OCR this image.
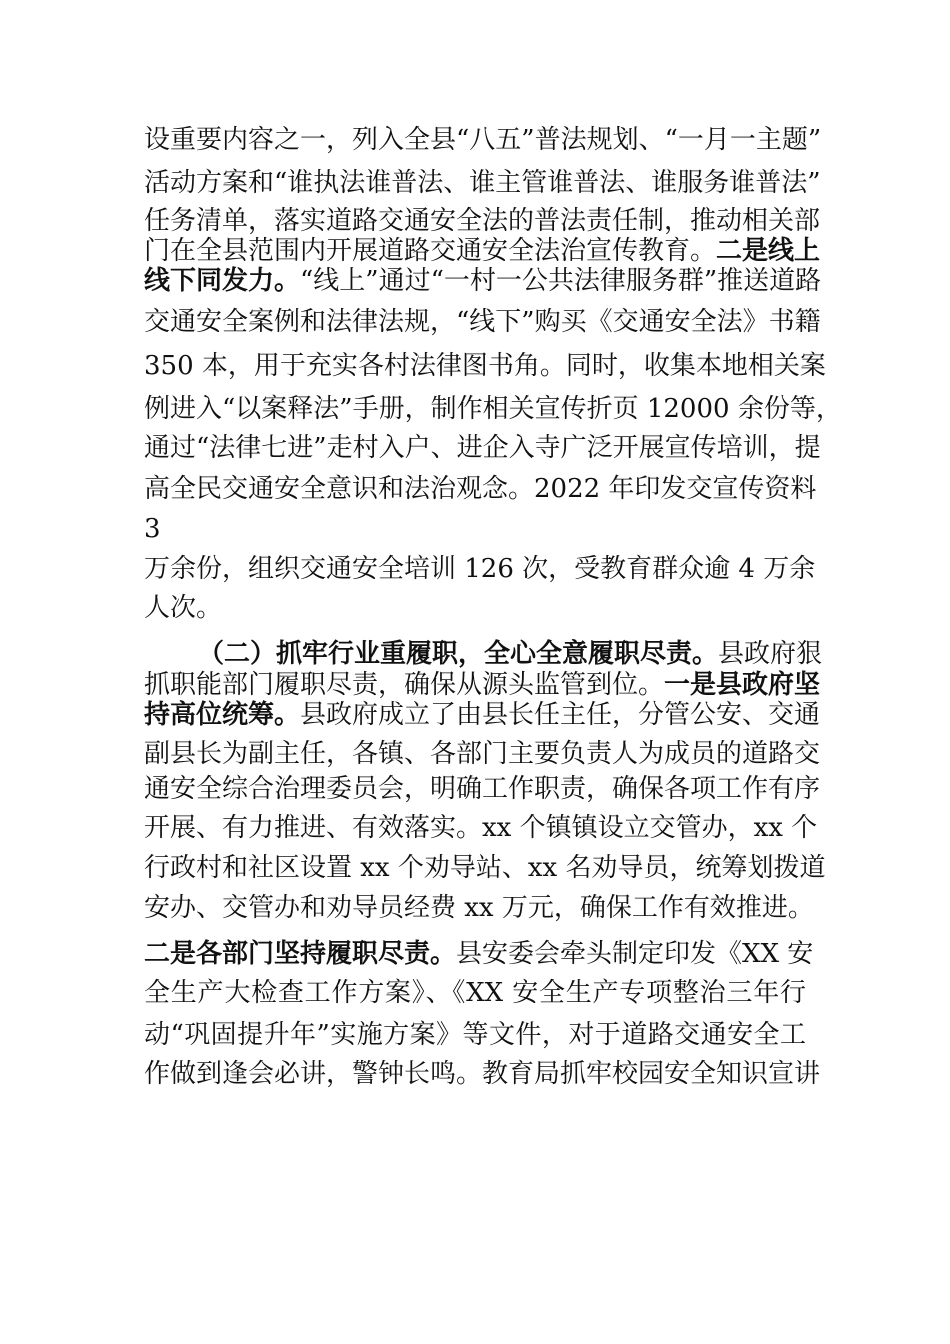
设重要内容之一，列入全县“八五”普法规划、“一月一主题”
活动方案和“谁执法谁普法、谁主管谁普法、谁服务谁普法”
任务清单，落实道路交通安全法的普法责任制，推动相关部
门在全县范围内开展道路交通安全法治宣传教育。二是线上
线下同发力。“线上”通过“一村一公共法律服务群”推送道路
交通安全案例和法律法规，“线下”购买《交通安全法》书籍
350 本，用于充实各村法律图书角。同时，收集本地相关案
例进入“以案释法”手册，制作相关宣传折页 12000 余份等，
通过“法律七进”走村入户、进企入寺广泛开展宣传培训，提
高全民交通安全意识和法治观念。2022 年印发交宣传资料
3
万余份，组织交通安全培训 126 次，受教育群众逾 4 万余
人次。
（二）抓牢行业重履职，全心全意履职尽责。县政府狠
抓职能部门履职尽责，确保从源头监管到位。一是县政府坚
持高位统筹。县政府成立了由县长任主任，分管公安、交通
副县长为副主任，各镇、各部门主要负责人为成员的道路交
通安全综合治理委员会，明确工作职责，确保各项工作有序
开展、有力推进、有效落实。xx 个镇镇设立交管办，xx 个
行政村和社区设置 xx 个劝导站、xx 名劝导员，统筹划拨道
安办、交管办和劝导员经费 xx 万元，确保工作有效推进。
二是各部门坚持履职尽责。县安委会牵头制定印发《XX 安
全生产大检查工作方案》、《XX 安全生产专项整治三年行
动“巩固提升年”实施方案》等文件，对于道路交通安全工
作做到逢会必讲，警钟长鸣。教育局抓牢校园安全知识宣讲
